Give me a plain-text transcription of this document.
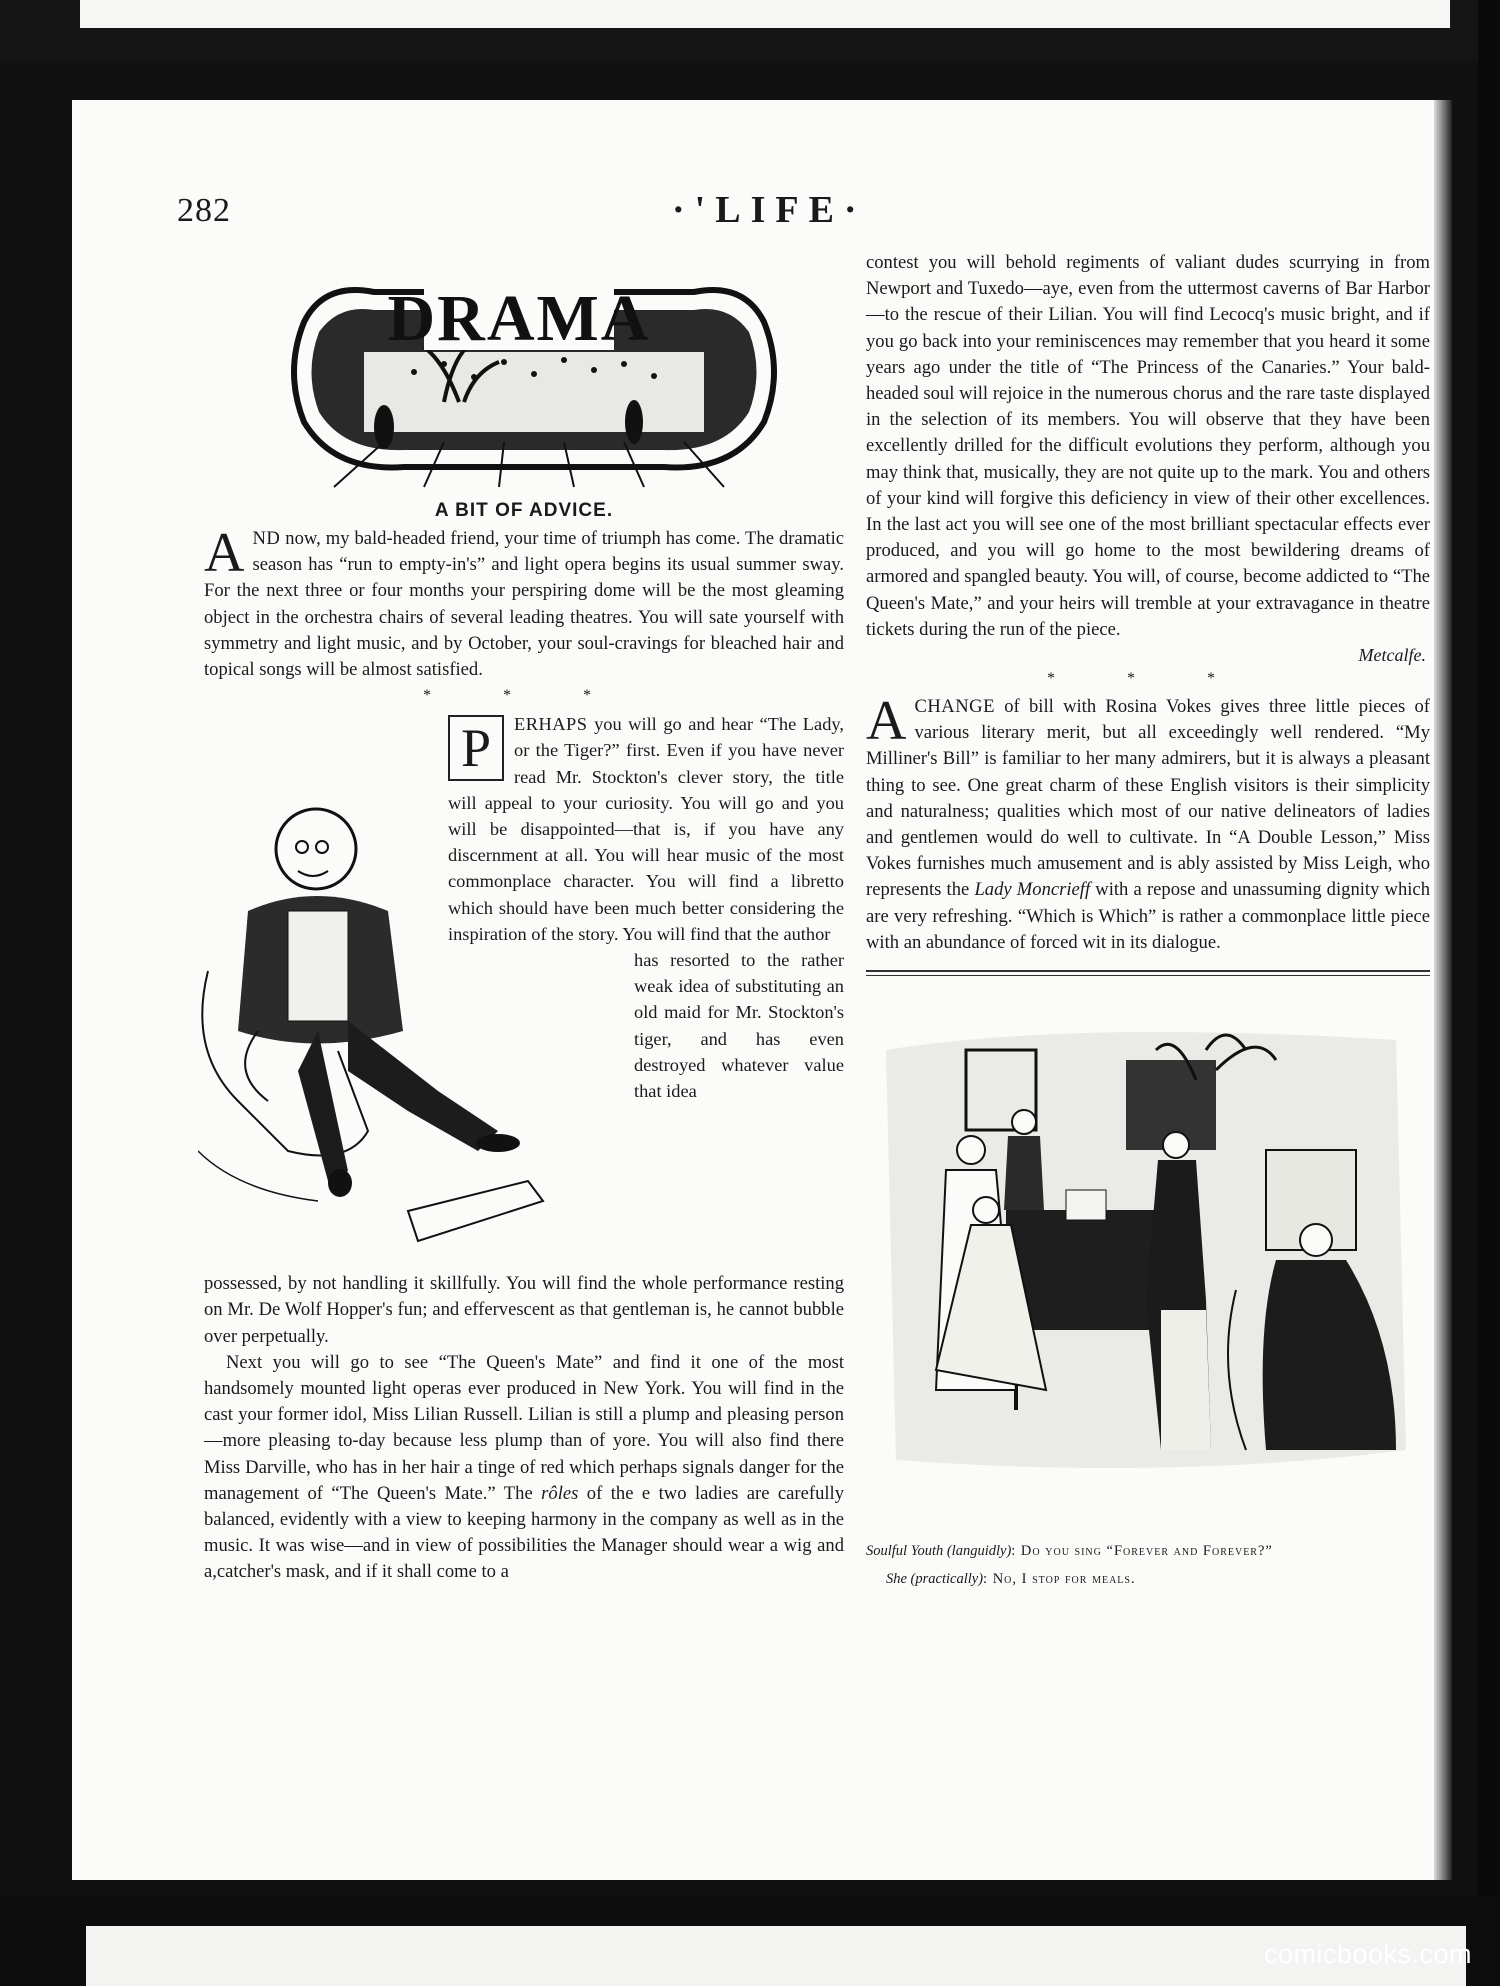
282	·'LIFE·

DRAMA

A BIT OF ADVICE.

AND now, my bald-headed friend, your time of triumph has come. The dramatic season has “run to empty-in's” and light opera begins its usual summer sway. For the next three or four months your perspiring dome will be the most gleaming object in the orchestra chairs of several leading theatres. You will sate yourself with symmetry and light music, and by October, your soul-cravings for bleached hair and topical songs will be almost satisfied.

* * *

P	ERHAPS you will go and hear “The Lady, or the Tiger?” first. Even if you have never read Mr. Stockton's clever story, the title will appeal to your curiosity. You will go and you will be disappointed—that is, if you have any discernment at all. You will hear music of the most commonplace character. You will find a libretto which should have been much better considering the inspiration of the story. You will find that the author

has resorted to the rather weak idea of substituting an old maid for Mr. Stockton's tiger, and has even destroyed whatever value that idea

possessed, by not handling it skillfully. You will find the whole performance resting on Mr. De Wolf Hopper's fun; and effervescent as that gentleman is, he cannot bubble over perpetually.

Next you will go to see “The Queen's Mate” and find it one of the most handsomely mounted light operas ever produced in New York. You will find in the cast your former idol, Miss Lilian Russell. Lilian is still a plump and pleasing person—more pleasing to-day because less plump than of yore. You will also find there Miss Darville, who has in her hair a tinge of red which perhaps signals danger for the management of “The Queen's Mate.” The rôles of the e two ladies are carefully balanced, evidently with a view to keeping harmony in the company as well as in the music. It was wise—and in view of possibilities the Manager should wear a wig and a,catcher's mask, and if it shall come to a

contest you will behold regiments of valiant dudes scurrying in from Newport and Tuxedo—aye, even from the uttermost caverns of Bar Harbor—to the rescue of their Lilian. You will find Lecocq's music bright, and if you go back into your reminiscences may remember that you heard it some years ago under the title of “The Princess of the Canaries.” Your bald-headed soul will rejoice in the numerous chorus and the rare taste displayed in the selection of its members. You will observe that they have been excellently drilled for the difficult evolutions they perform, although you may think that, musically, they are not quite up to the mark. You and others of your kind will forgive this deficiency in view of their other excellences. In the last act you will see one of the most brilliant spectacular effects ever produced, and you will go home to the most bewildering dreams of armored and spangled beauty. You will, of course, become addicted to “The Queen's Mate,” and your heirs will tremble at your extravagance in theatre tickets during the run of the piece.

Metcalfe.

* * *

ACHANGE of bill with Rosina Vokes gives three little pieces of various literary merit, but all exceedingly well rendered. “My Milliner's Bill” is familiar to her many admirers, but it is always a pleasant thing to see. One great charm of these English visitors is their simplicity and naturalness; qualities which most of our native delineators of ladies and gentlemen would do well to cultivate. In “A Double Lesson,” Miss Vokes furnishes much amusement and is ably assisted by Miss Leigh, who represents the Lady Moncrieff with a repose and unassuming dignity which are very refreshing. “Which is Which” is rather a commonplace little piece with an abundance of forced wit in its dialogue.

Soulful Youth (languidly): Do you sing “Forever and Forever?”

She (practically): No, I stop for meals.

comicbooks.com
